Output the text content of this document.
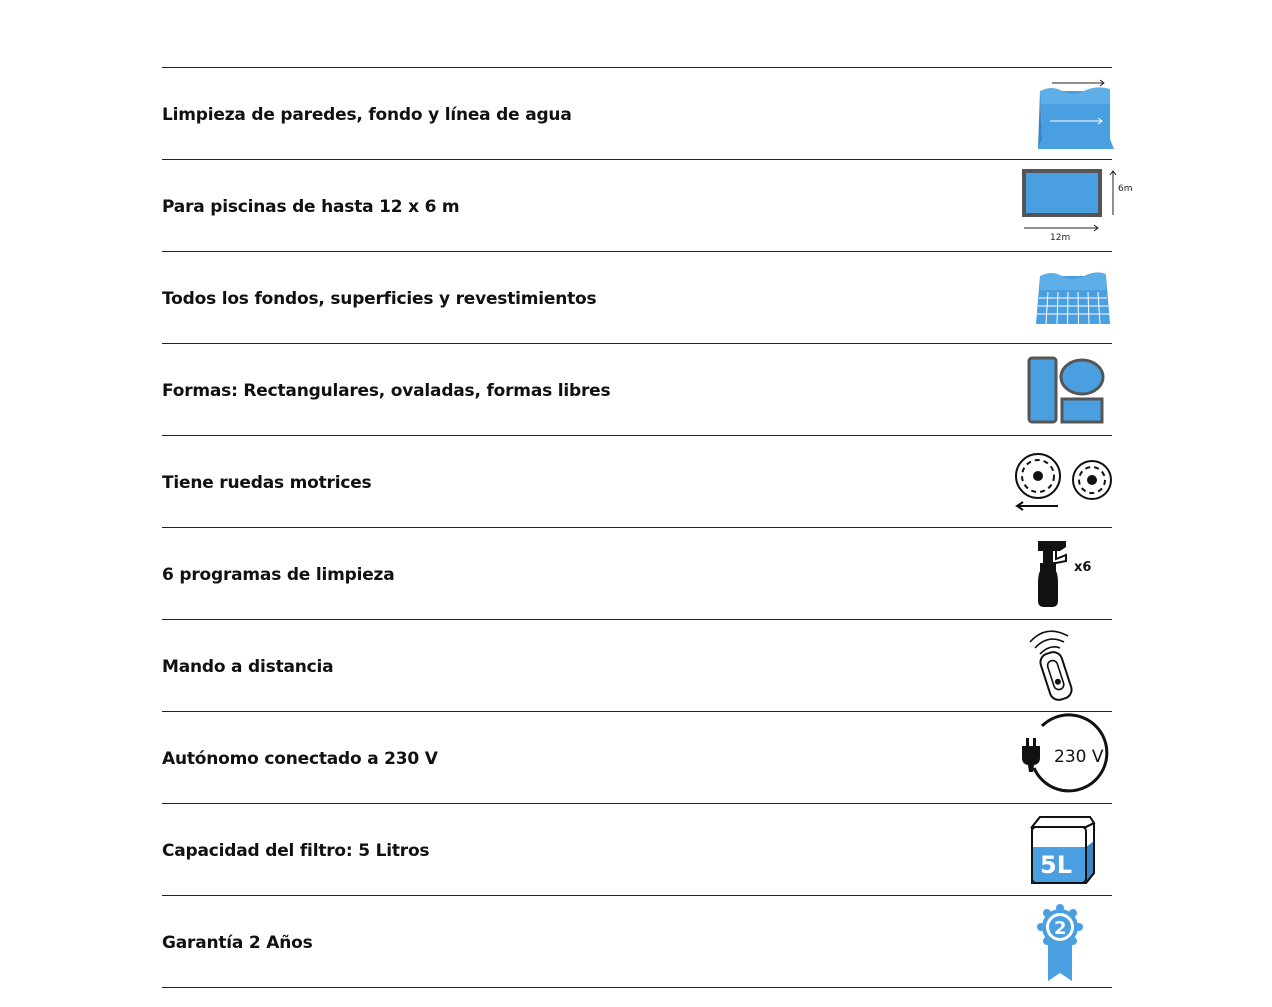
Limpieza de paredes, fondo y línea de agua
Para piscinas de hasta 12 x 6 m
12m
6m
Todos los fondos, superficies y revestimientos
Formas: Rectangulares, ovaladas, formas libres
Tiene ruedas motrices
6 programas de limpieza	x6
Mando a distancia
Autónomo conectado a 230 V	230 V
Capacidad del filtro: 5 Litros	5L
Garantía 2 Años
2
